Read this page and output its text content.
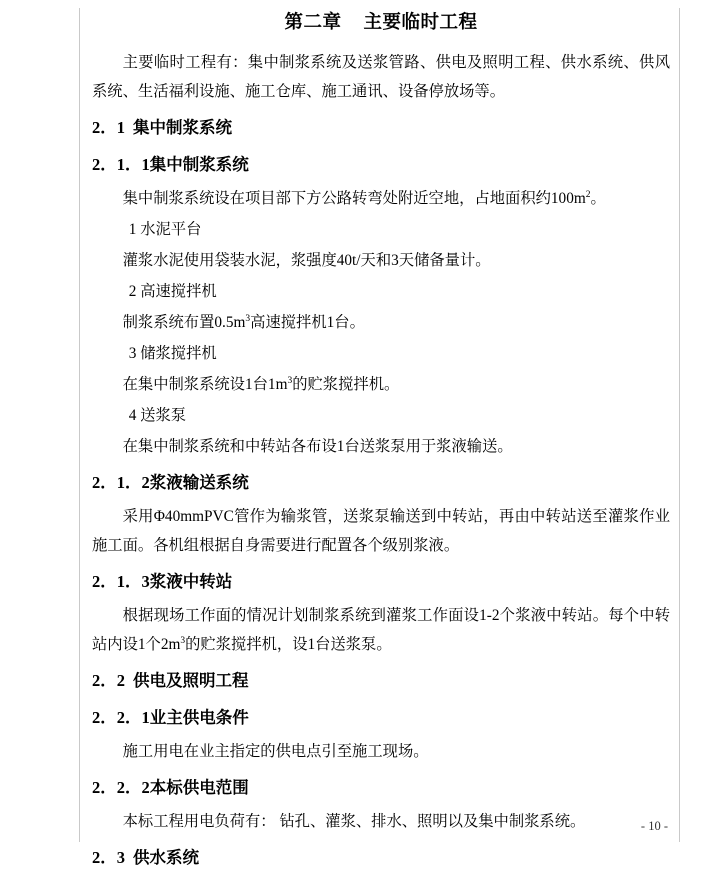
第二章 主要临时工程

主要临时工程有：集中制浆系统及送浆管路、供电及照明工程、供水系统、供风系统、生活福利设施、施工仓库、施工通讯、设备停放场等。

2．1 集中制浆系统
2．1．1集中制浆系统

集中制浆系统设在项目部下方公路转弯处附近空地，占地面积约$100m^2$。

1 水泥平台

灌浆水泥使用袋装水泥，浆强度40t/天和3天储备量计。

2 高速搅拌机

制浆系统布置$0.5m^3$高速搅拌机1台。

3 储浆搅拌机

在集中制浆系统设1台$1m^3$的贮浆搅拌机。

4 送浆泵

在集中制浆系统和中转站各布设1台送浆泵用于浆液输送。

2．1．2浆液输送系统

采用Φ40mmPVC管作为输浆管，送浆泵输送到中转站，再由中转站送至灌浆作业施工面。各机组根据自身需要进行配置各个级别浆液。

2．1．3浆液中转站

根据现场工作面的情况计划制浆系统到灌浆工作面设1-2个浆液中转站。每个中转站内设1个$2m^3$的贮浆搅拌机，设1台送浆泵。

2．2 供电及照明工程
2．2．1业主供电条件

施工用电在业主指定的供电点引至施工现场。

2．2．2本标供电范围

本标工程用电负荷有： 钻孔、灌浆、排水、照明以及集中制浆系统。

2．3 供水系统
- 10 -
